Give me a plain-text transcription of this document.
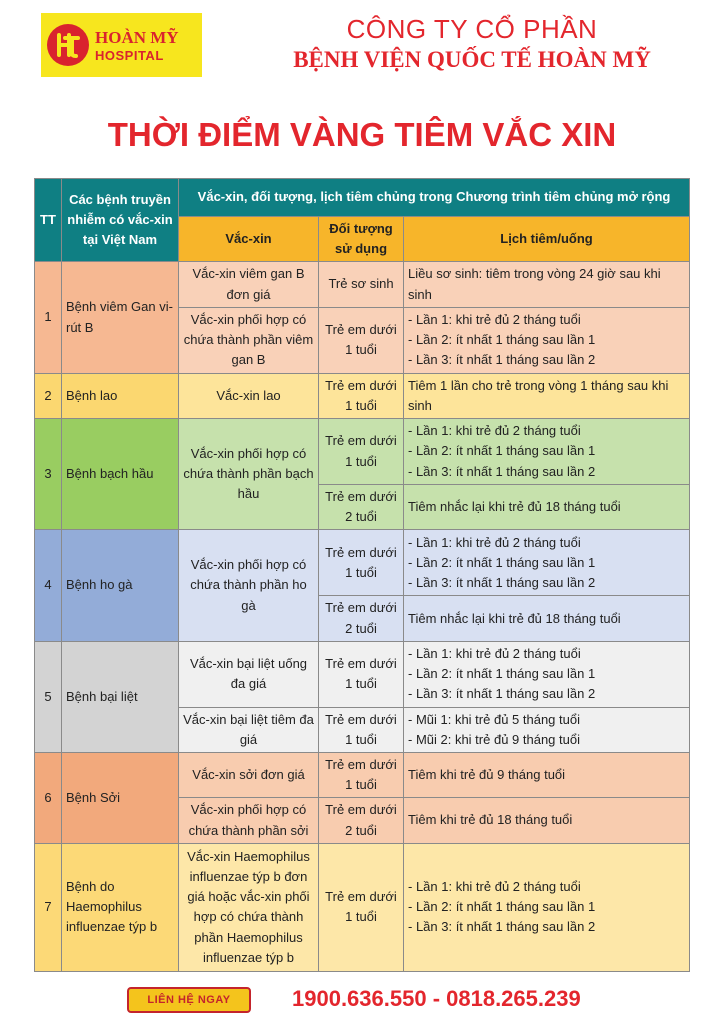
HOÀN MỸ
HOSPITAL
CÔNG TY CỔ PHẦN
BỆNH VIỆN QUỐC TẾ HOÀN MỸ
THỜI ĐIỂM VÀNG TIÊM VẮC XIN
TT	Các bệnh truyền nhiễm có vắc-xin tại Việt Nam	Vắc-xin, đối tượng, lịch tiêm chủng trong Chương trình tiêm chủng mở rộng		
		Vắc-xin	Đối tượng sử dụng	Lịch tiêm/uống
1	Bệnh viêm Gan vi-rút B	Vắc-xin viêm gan B đơn giá	Trẻ sơ sinh	Liều sơ sinh: tiêm trong vòng 24 giờ sau khi sinh

		Vắc-xin phối hợp có chứa thành phần viêm gan B	Trẻ em dưới 1 tuổi	- Lần 1: khi trẻ đủ 2 tháng tuổi
- Lần 2: ít nhất 1 tháng sau lần 1
- Lần 3: ít nhất 1 tháng sau lần 2

2	Bệnh lao	Vắc-xin lao	Trẻ em dưới 1 tuổi	Tiêm 1 lần cho trẻ trong vòng 1 tháng sau khi sinh

3	Bệnh bạch hầu	Vắc-xin phối hợp có chứa thành phần bạch hầu	Trẻ em dưới 1 tuổi	- Lần 1: khi trẻ đủ 2 tháng tuổi
- Lần 2: ít nhất 1 tháng sau lần 1
- Lần 3: ít nhất 1 tháng sau lần 2

			Trẻ em dưới 2 tuổi	Tiêm nhắc lại khi trẻ đủ 18 tháng tuổi

4	Bệnh ho gà	Vắc-xin phối hợp có chứa thành phần ho gà	Trẻ em dưới 1 tuổi	- Lần 1: khi trẻ đủ 2 tháng tuổi
- Lần 2: ít nhất 1 tháng sau lần 1
- Lần 3: ít nhất 1 tháng sau lần 2

			Trẻ em dưới 2 tuổi	Tiêm nhắc lại khi trẻ đủ 18 tháng tuổi

5	Bệnh bại liệt	Vắc-xin bại liệt uống đa giá	Trẻ em dưới 1 tuổi	- Lần 1: khi trẻ đủ 2 tháng tuổi
- Lần 2: ít nhất 1 tháng sau lần 1
- Lần 3: ít nhất 1 tháng sau lần 2

		Vắc-xin bại liệt tiêm đa giá	Trẻ em dưới 1 tuổi	- Mũi 1: khi trẻ đủ 5 tháng tuổi
- Mũi 2: khi trẻ đủ 9 tháng tuổi

6	Bệnh Sởi	Vắc-xin sởi đơn giá	Trẻ em dưới 1 tuổi	Tiêm khi trẻ đủ 9 tháng tuổi

		Vắc-xin phối hợp có chứa thành phần sởi	Trẻ em dưới 2 tuổi	Tiêm khi trẻ đủ 18 tháng tuổi

7	Bệnh do Haemophilus influenzae týp b	Vắc-xin Haemophilus influenzae týp b đơn giá hoặc vắc-xin phối hợp có chứa thành phần Haemophilus influenzae týp b	Trẻ em dưới 1 tuổi	- Lần 1: khi trẻ đủ 2 tháng tuổi
- Lần 2: ít nhất 1 tháng sau lần 1
- Lần 3: ít nhất 1 tháng sau lần 2
LIÊN HỆ NGAY	1900.636.550 - 0818.265.239
